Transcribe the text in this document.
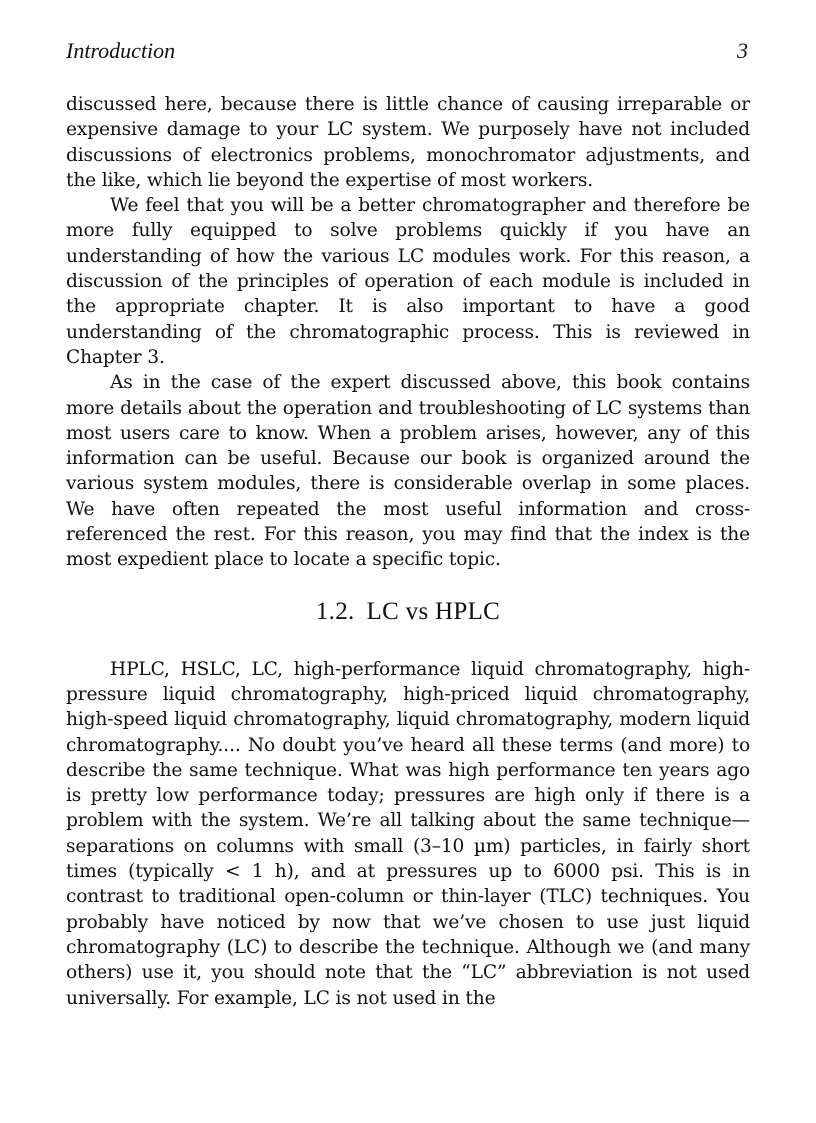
Introduction	3

discussed here, because there is little chance of causing irreparable or expensive damage to your LC system. We purposely have not included discussions of electronics problems, monochromator adjustments, and the like, which lie beyond the expertise of most workers.

We feel that you will be a better chromatographer and therefore be more fully equipped to solve problems quickly if you have an understanding of how the various LC modules work. For this reason, a discussion of the principles of operation of each module is included in the appropriate chapter. It is also important to have a good understanding of the chromatographic process. This is reviewed in Chapter 3.

As in the case of the expert discussed above, this book contains more details about the operation and troubleshooting of LC systems than most users care to know. When a problem arises, however, any of this information can be useful. Because our book is organized around the various system modules, there is considerable overlap in some places. We have often repeated the most useful information and cross-referenced the rest. For this reason, you may find that the index is the most expedient place to locate a specific topic.

1.2. LC vs HPLC

HPLC, HSLC, LC, high-performance liquid chromatography, high-pressure liquid chromatography, high-priced liquid chromatography, high-speed liquid chromatography, liquid chromatography, modern liquid chromatography.... No doubt you’ve heard all these terms (and more) to describe the same technique. What was high performance ten years ago is pretty low performance today; pressures are high only if there is a problem with the system. We’re all talking about the same technique—separations on columns with small (3–10 µm) particles, in fairly short times (typically < 1 h), and at pressures up to 6000 psi. This is in contrast to traditional open-column or thin-layer (TLC) techniques. You probably have noticed by now that we’ve chosen to use just liquid chromatography (LC) to describe the technique. Although we (and many others) use it, you should note that the “LC” abbreviation is not used universally. For example, LC is not used in the
